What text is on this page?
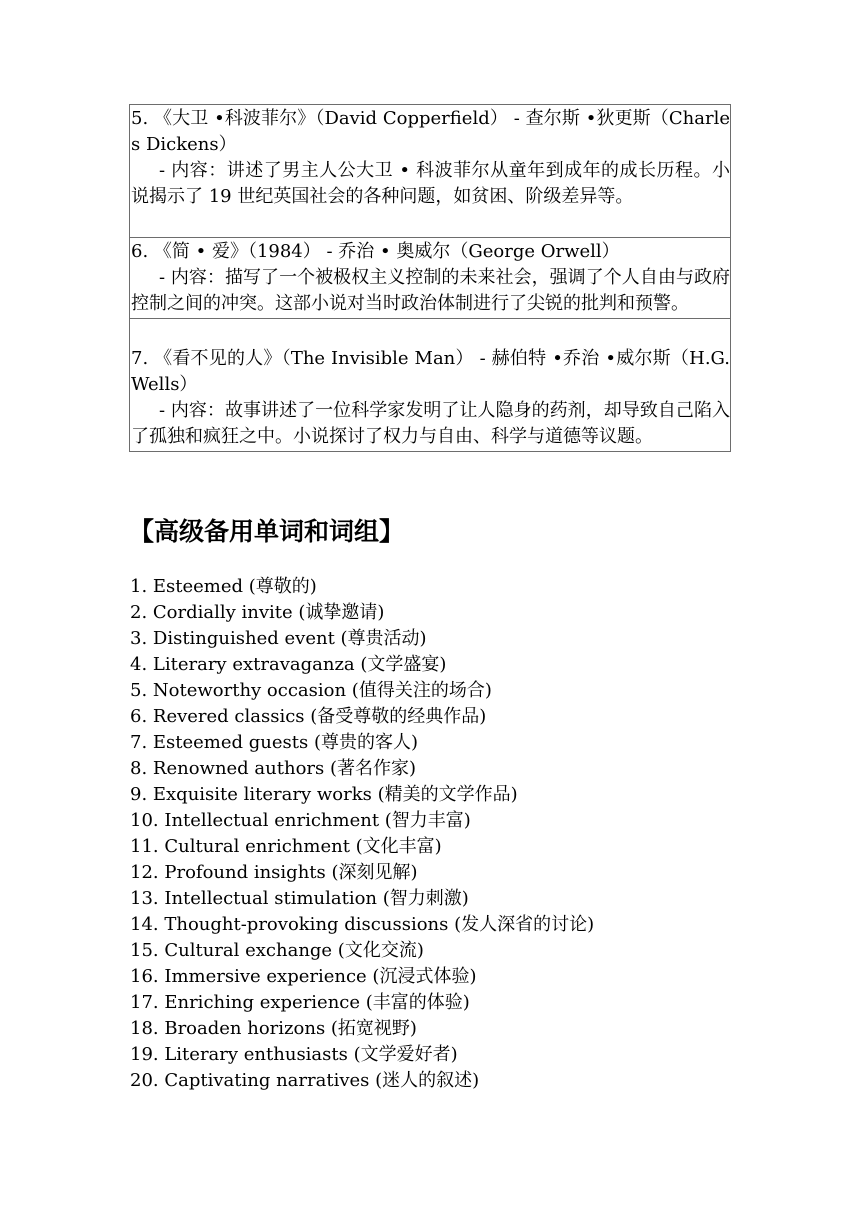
5. 《大卫 •科波菲尔》（David Copperfield） - 查尔斯 •狄更斯（Charles Dickens）

- 内容：讲述了男主人公大卫 • 科波菲尔从童年到成年的成长历程。小说揭示了 19 世纪英国社会的各种问题，如贫困、阶级差异等。

6. 《简 • 爱》（1984） - 乔治 • 奥威尔（George Orwell）

- 内容：描写了一个被极权主义控制的未来社会，强调了个人自由与政府控制之间的冲突。这部小说对当时政治体制进行了尖锐的批判和预警。

7. 《看不见的人》（The Invisible Man） - 赫伯特 •乔治 •威尔斯（H.G. Wells）

- 内容：故事讲述了一位科学家发明了让人隐身的药剂，却导致自己陷入了孤独和疯狂之中。小说探讨了权力与自由、科学与道德等议题。

【高级备用单词和词组】
1. Esteemed (尊敬的)
2. Cordially invite (诚挚邀请)
3. Distinguished event (尊贵活动)
4. Literary extravaganza (文学盛宴)
5. Noteworthy occasion (值得关注的场合)
6. Revered classics (备受尊敬的经典作品)
7. Esteemed guests (尊贵的客人)
8. Renowned authors (著名作家)
9. Exquisite literary works (精美的文学作品)
10. Intellectual enrichment (智力丰富)
11. Cultural enrichment (文化丰富)
12. Profound insights (深刻见解)
13. Intellectual stimulation (智力刺激)
14. Thought-provoking discussions (发人深省的讨论)
15. Cultural exchange (文化交流)
16. Immersive experience (沉浸式体验)
17. Enriching experience (丰富的体验)
18. Broaden horizons (拓宽视野)
19. Literary enthusiasts (文学爱好者)
20. Captivating narratives (迷人的叙述)
